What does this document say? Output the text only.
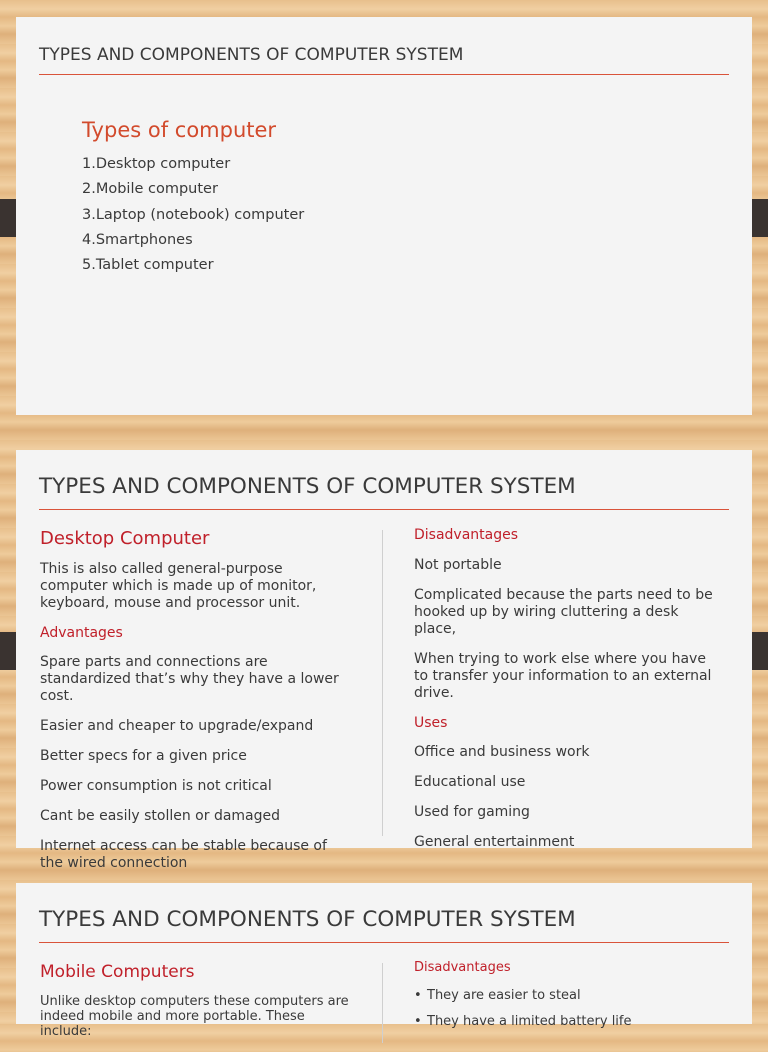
TYPES AND COMPONENTS OF COMPUTER SYSTEM
Types of computer
1.Desktop computer
2.Mobile computer
3.Laptop (notebook) computer
4.Smartphones
5.Tablet computer
TYPES AND COMPONENTS OF COMPUTER SYSTEM
Desktop Computer

This is also called general-purpose computer which is made up of monitor, keyboard, mouse and processor unit.

Advantages

Spare parts and connections are standardized that’s why they have a lower cost.

Easier and cheaper to upgrade/expand

Better specs for a given price

Power consumption is not critical

Cant be easily stollen or damaged

Internet access can be stable because of the wired connection

Disadvantages

Not portable

Complicated because the parts need to be hooked up by wiring cluttering a desk place,

When trying to work else where you have to transfer your information to an external drive.

Uses

Office and business work

Educational use

Used for gaming

General entertainment

TYPES AND COMPONENTS OF COMPUTER SYSTEM
Mobile Computers

Unlike desktop computers these computers are indeed mobile and more portable. These include:

Disadvantages
• They are easier to steal
• They have a limited battery life
